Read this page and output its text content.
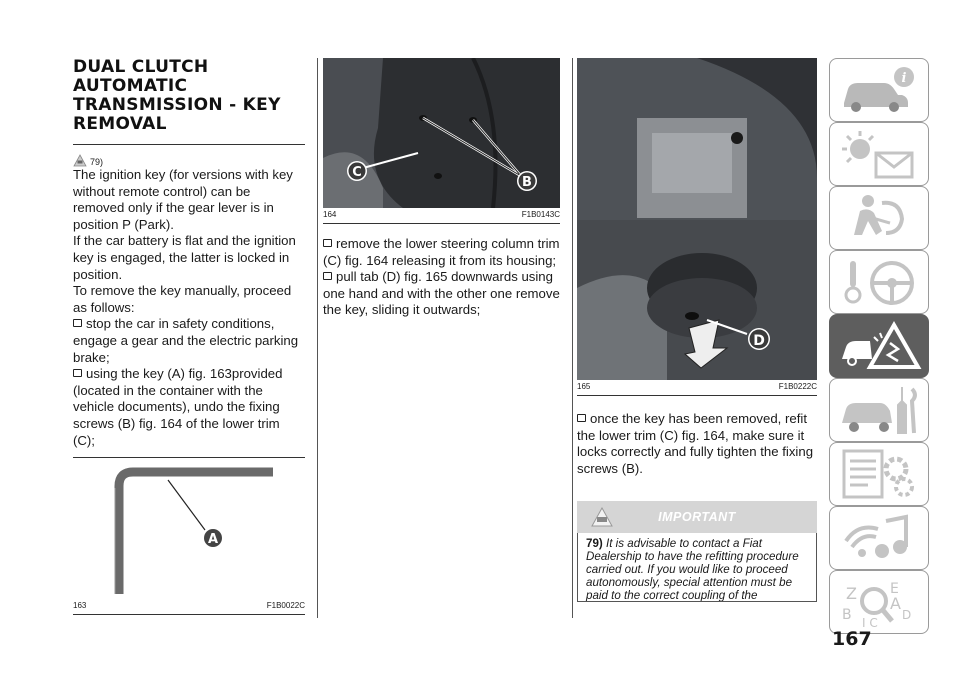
DUAL CLUTCH AUTOMATIC TRANSMISSION - KEY REMOVAL
79)

The ignition key (for versions with key without remote control) can be removed only if the gear lever is in position P (Park).

If the car battery is flat and the ignition key is engaged, the latter is locked in position.

To remove the key manually, proceed as follows:

stop the car in safety conditions, engage a gear and the electric parking brake;

using the key (A) fig. 163provided (located in the container with the vehicle documents), undo the fixing screws (B) fig. 164 of the lower trim (C);

A
163	F1B0022C
C
B
164	F1B0143C

remove the lower steering column trim (C) fig. 164 releasing it from its housing;

pull tab (D) fig. 165 downwards using one hand and with the other one remove the key, sliding it outwards;

D
165	F1B0222C

once the key has been removed, refit the lower trim (C) fig. 164, make sure it locks correctly and fully tighten the fixing screws (B).

IMPORTANT
79) It is advisable to contact a Fiat Dealership to have the refitting procedure carried out. If you would like to proceed autonomously, special attention must be paid to the correct coupling of the
i
Z E
B	D
A
I C
167
